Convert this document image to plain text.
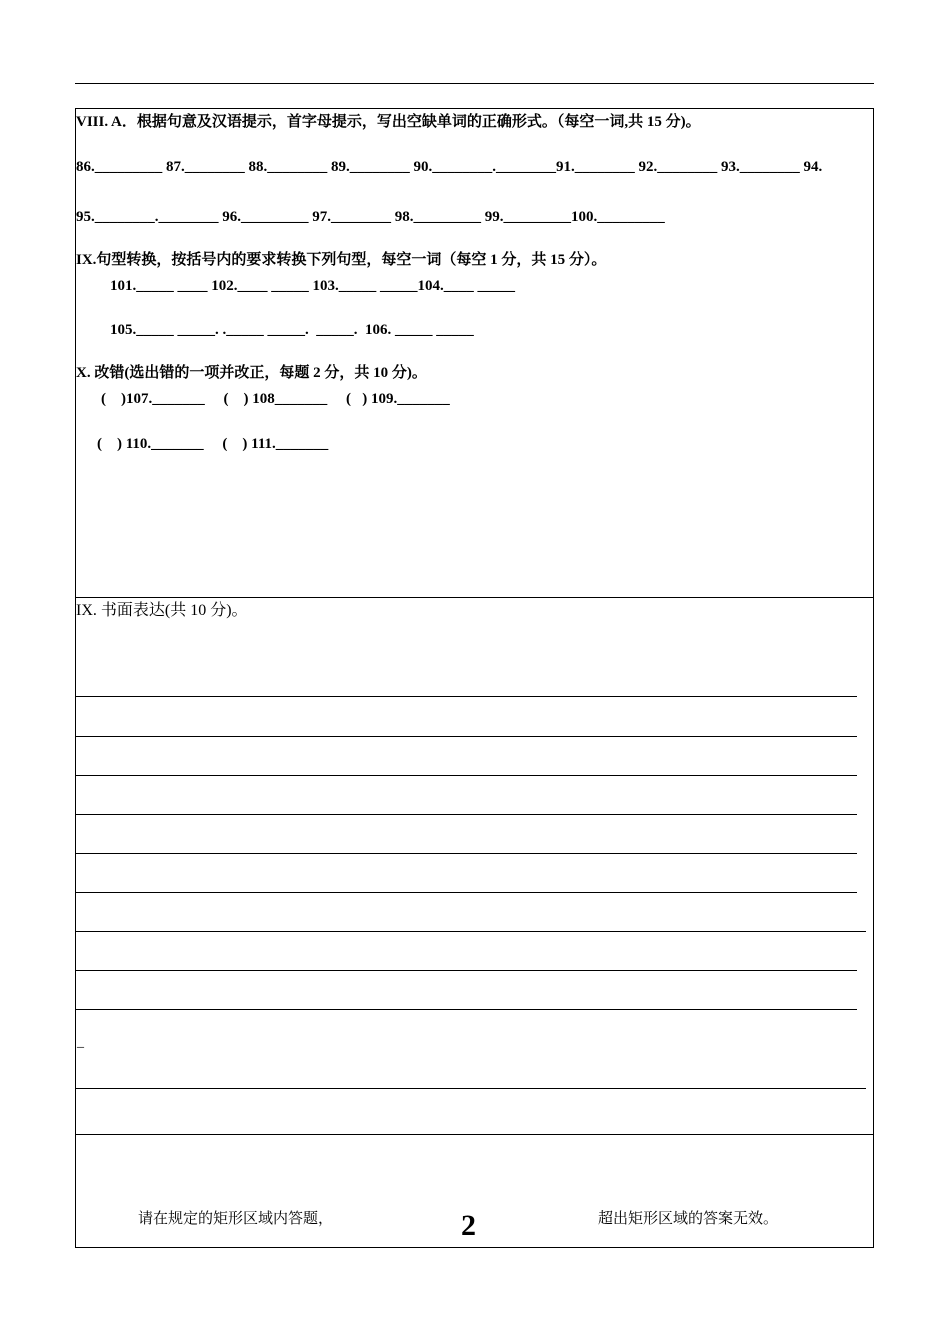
VIII. A．根据句意及汉语提示，首字母提示，写出空缺单词的正确形式。（每空一词,共 15 分)。
86._________ 87.________ 88.________ 89.________ 90.________.________91.________ 92.________ 93.________ 94.
95.________.________ 96._________ 97.________ 98._________ 99._________100._________
IX.句型转换，按括号内的要求转换下列句型，每空一词（每空 1 分，共 15 分）。
101._____ ____ 102.____ _____ 103._____ _____104.____ _____
105._____ _____. ._____ _____.  _____.  106. _____ _____
X. 改错(选出错的一项并改正，每题 2 分，共 10 分)。
(    )107._______     (    ) 108_______     (   ) 109._______
(    ) 110._______     (    ) 111._______
IX. 书面表达(共 10 分)。
_
请在规定的矩形区域内答题，	2	超出矩形区域的答案无效。
